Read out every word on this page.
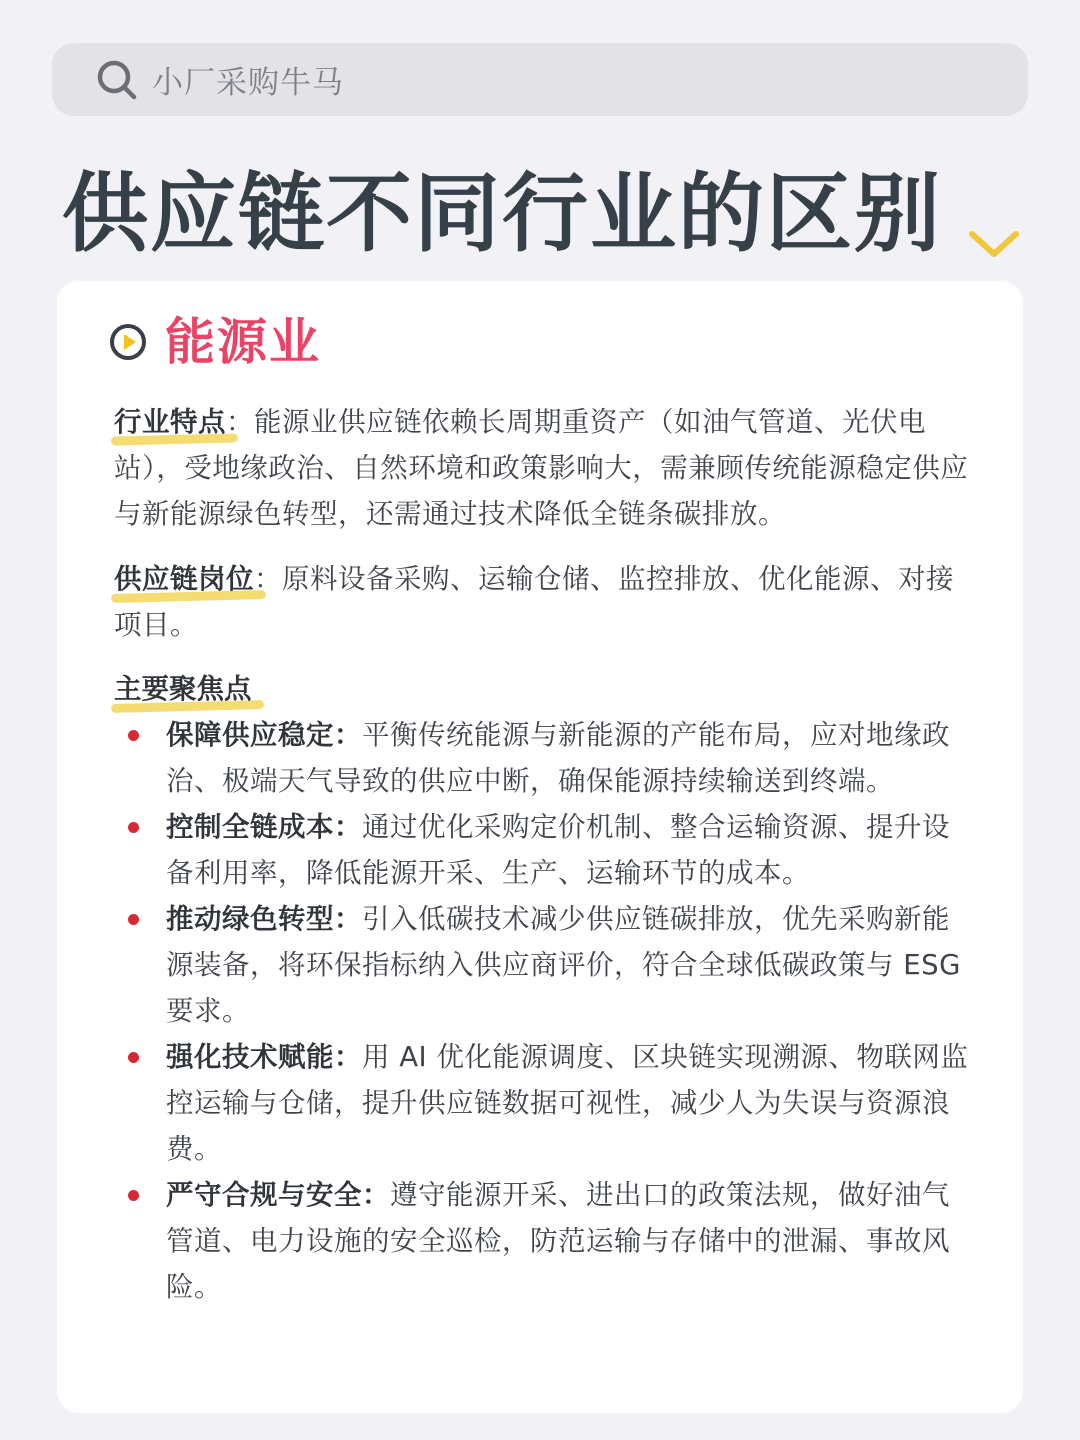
小厂采购牛马
供应链不同行业的区别
能源业
行业特点：能源业供应链依赖长周期重资产（如油气管道、光伏电站），受地缘政治、自然环境和政策影响大，需兼顾传统能源稳定供应与新能源绿色转型，还需通过技术降低全链条碳排放。
供应链岗位：原料设备采购、运输仓储、监控排放、优化能源、对接项目。
主要聚焦点
保障供应稳定：平衡传统能源与新能源的产能布局，应对地缘政治、极端天气导致的供应中断，确保能源持续输送到终端。
控制全链成本：通过优化采购定价机制、整合运输资源、提升设备利用率，降低能源开采、生产、运输环节的成本。
推动绿色转型：引入低碳技术减少供应链碳排放，优先采购新能源装备，将环保指标纳入供应商评价，符合全球低碳政策与 ESG 要求。
强化技术赋能：用 AI 优化能源调度、区块链实现溯源、物联网监控运输与仓储，提升供应链数据可视性，减少人为失误与资源浪费。
严守合规与安全：遵守能源开采、进出口的政策法规，做好油气管道、电力设施的安全巡检，防范运输与存储中的泄漏、事故风险。
